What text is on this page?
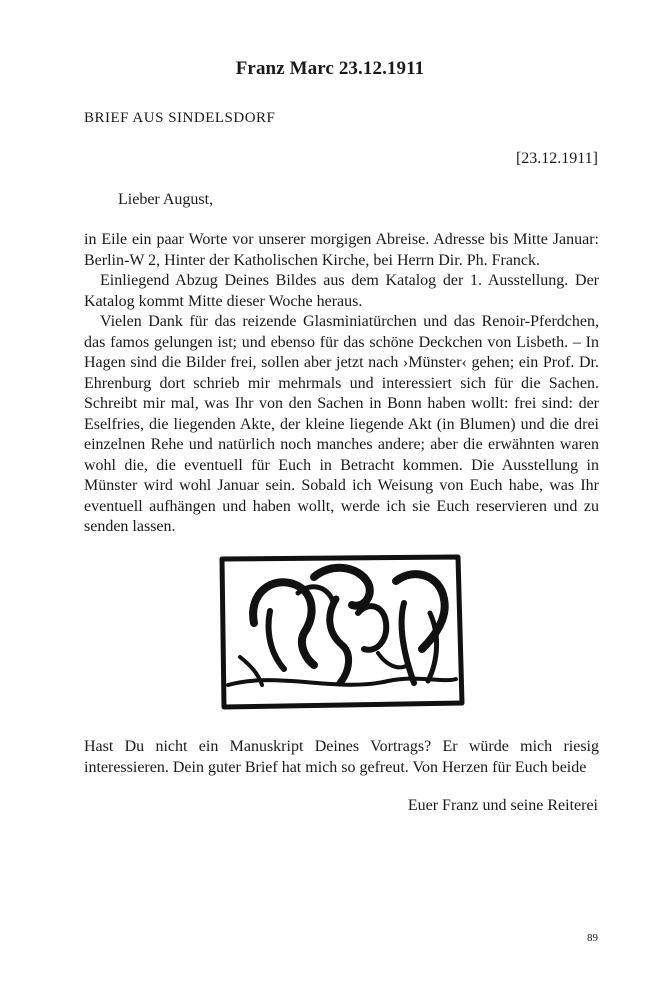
Franz Marc 23.12.1911
BRIEF AUS SINDELSDORF
[23.12.1911]
Lieber August,

in Eile ein paar Worte vor unserer morgigen Abreise. Adresse bis Mitte Januar: Berlin-W 2, Hinter der Katholischen Kirche, bei Herrn Dir. Ph. Franck.

Einliegend Abzug Deines Bildes aus dem Katalog der 1. Ausstellung. Der Katalog kommt Mitte dieser Woche heraus.

Vielen Dank für das reizende Glasminiatürchen und das Renoir-Pferdchen, das famos gelungen ist; und ebenso für das schöne Deckchen von Lisbeth. – In Hagen sind die Bilder frei, sollen aber jetzt nach ›Münster‹ gehen; ein Prof. Dr. Ehrenburg dort schrieb mir mehrmals und interessiert sich für die Sachen. Schreibt mir mal, was Ihr von den Sachen in Bonn haben wollt: frei sind: der Eselfries, die liegenden Akte, der kleine liegende Akt (in Blumen) und die drei einzelnen Rehe und natürlich noch manches andere; aber die erwähnten waren wohl die, die eventuell für Euch in Betracht kommen. Die Ausstellung in Münster wird wohl Januar sein. Sobald ich Weisung von Euch habe, was Ihr eventuell aufhängen und haben wollt, werde ich sie Euch reservieren und zu senden lassen.

Hast Du nicht ein Manuskript Deines Vortrags? Er würde mich riesig interessieren. Dein guter Brief hat mich so gefreut. Von Herzen für Euch beide

Euer Franz und seine Reiterei
89
